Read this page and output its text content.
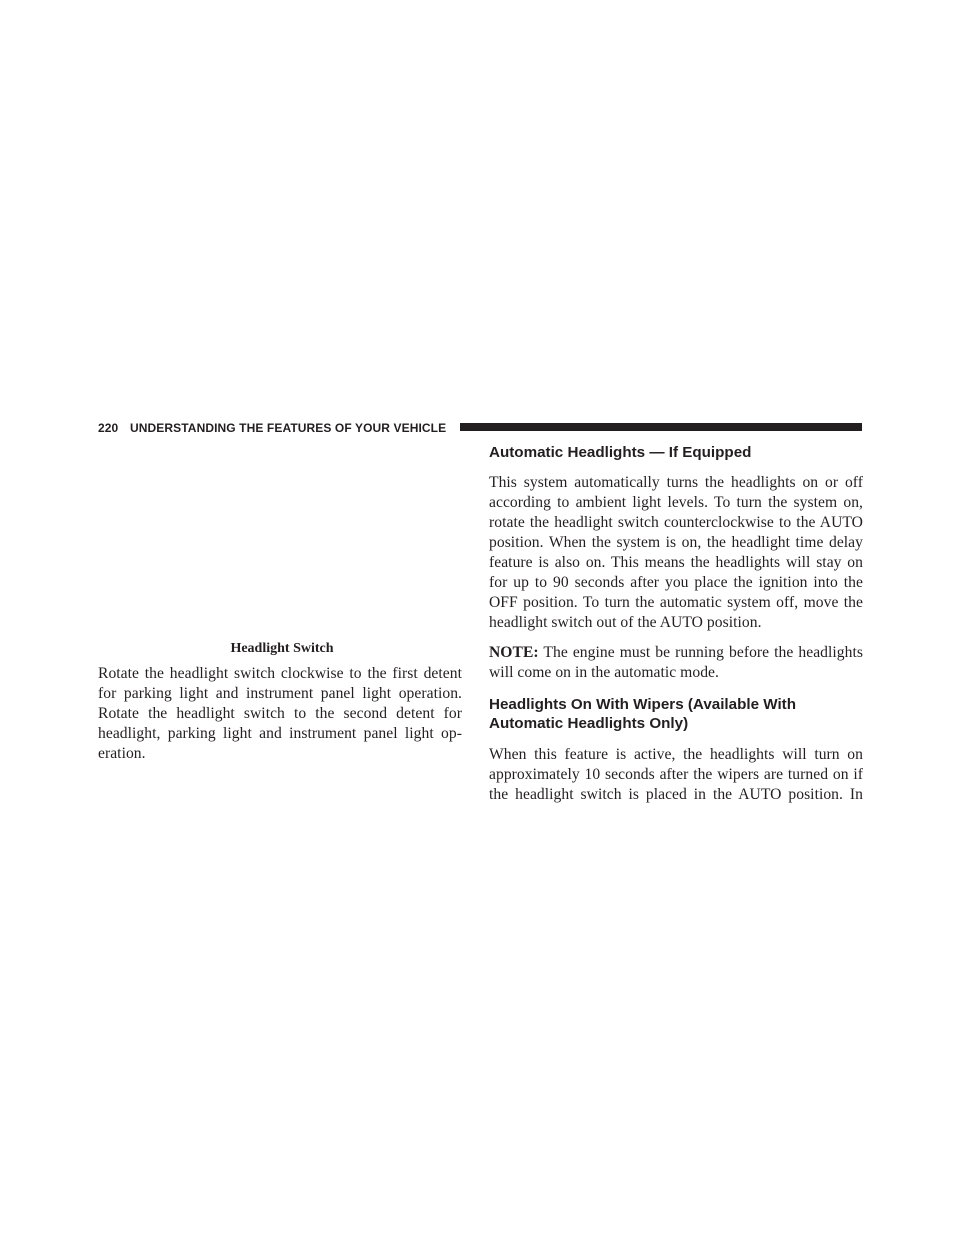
220 UNDERSTANDING THE FEATURES OF YOUR VEHICLE

Headlight Switch

Rotate the headlight switch clockwise to the first detent for parking light and instrument panel light operation. Rotate the headlight switch to the second detent for headlight, parking light and instrument panel light op-eration.

Automatic Headlights — If Equipped

This system automatically turns the headlights on or off according to ambient light levels. To turn the system on, rotate the headlight switch counterclockwise to the AUTO position. When the system is on, the headlight time delay feature is also on. This means the headlights will stay on for up to 90 seconds after you place the ignition into the OFF position. To turn the automatic system off, move the headlight switch out of the AUTO position.

NOTE: The engine must be running before the headlights will come on in the automatic mode.

Headlights On With Wipers (Available With Automatic Headlights Only)

When this feature is active, the headlights will turn on approximately 10 seconds after the wipers are turned on if the headlight switch is placed in the AUTO position. In
